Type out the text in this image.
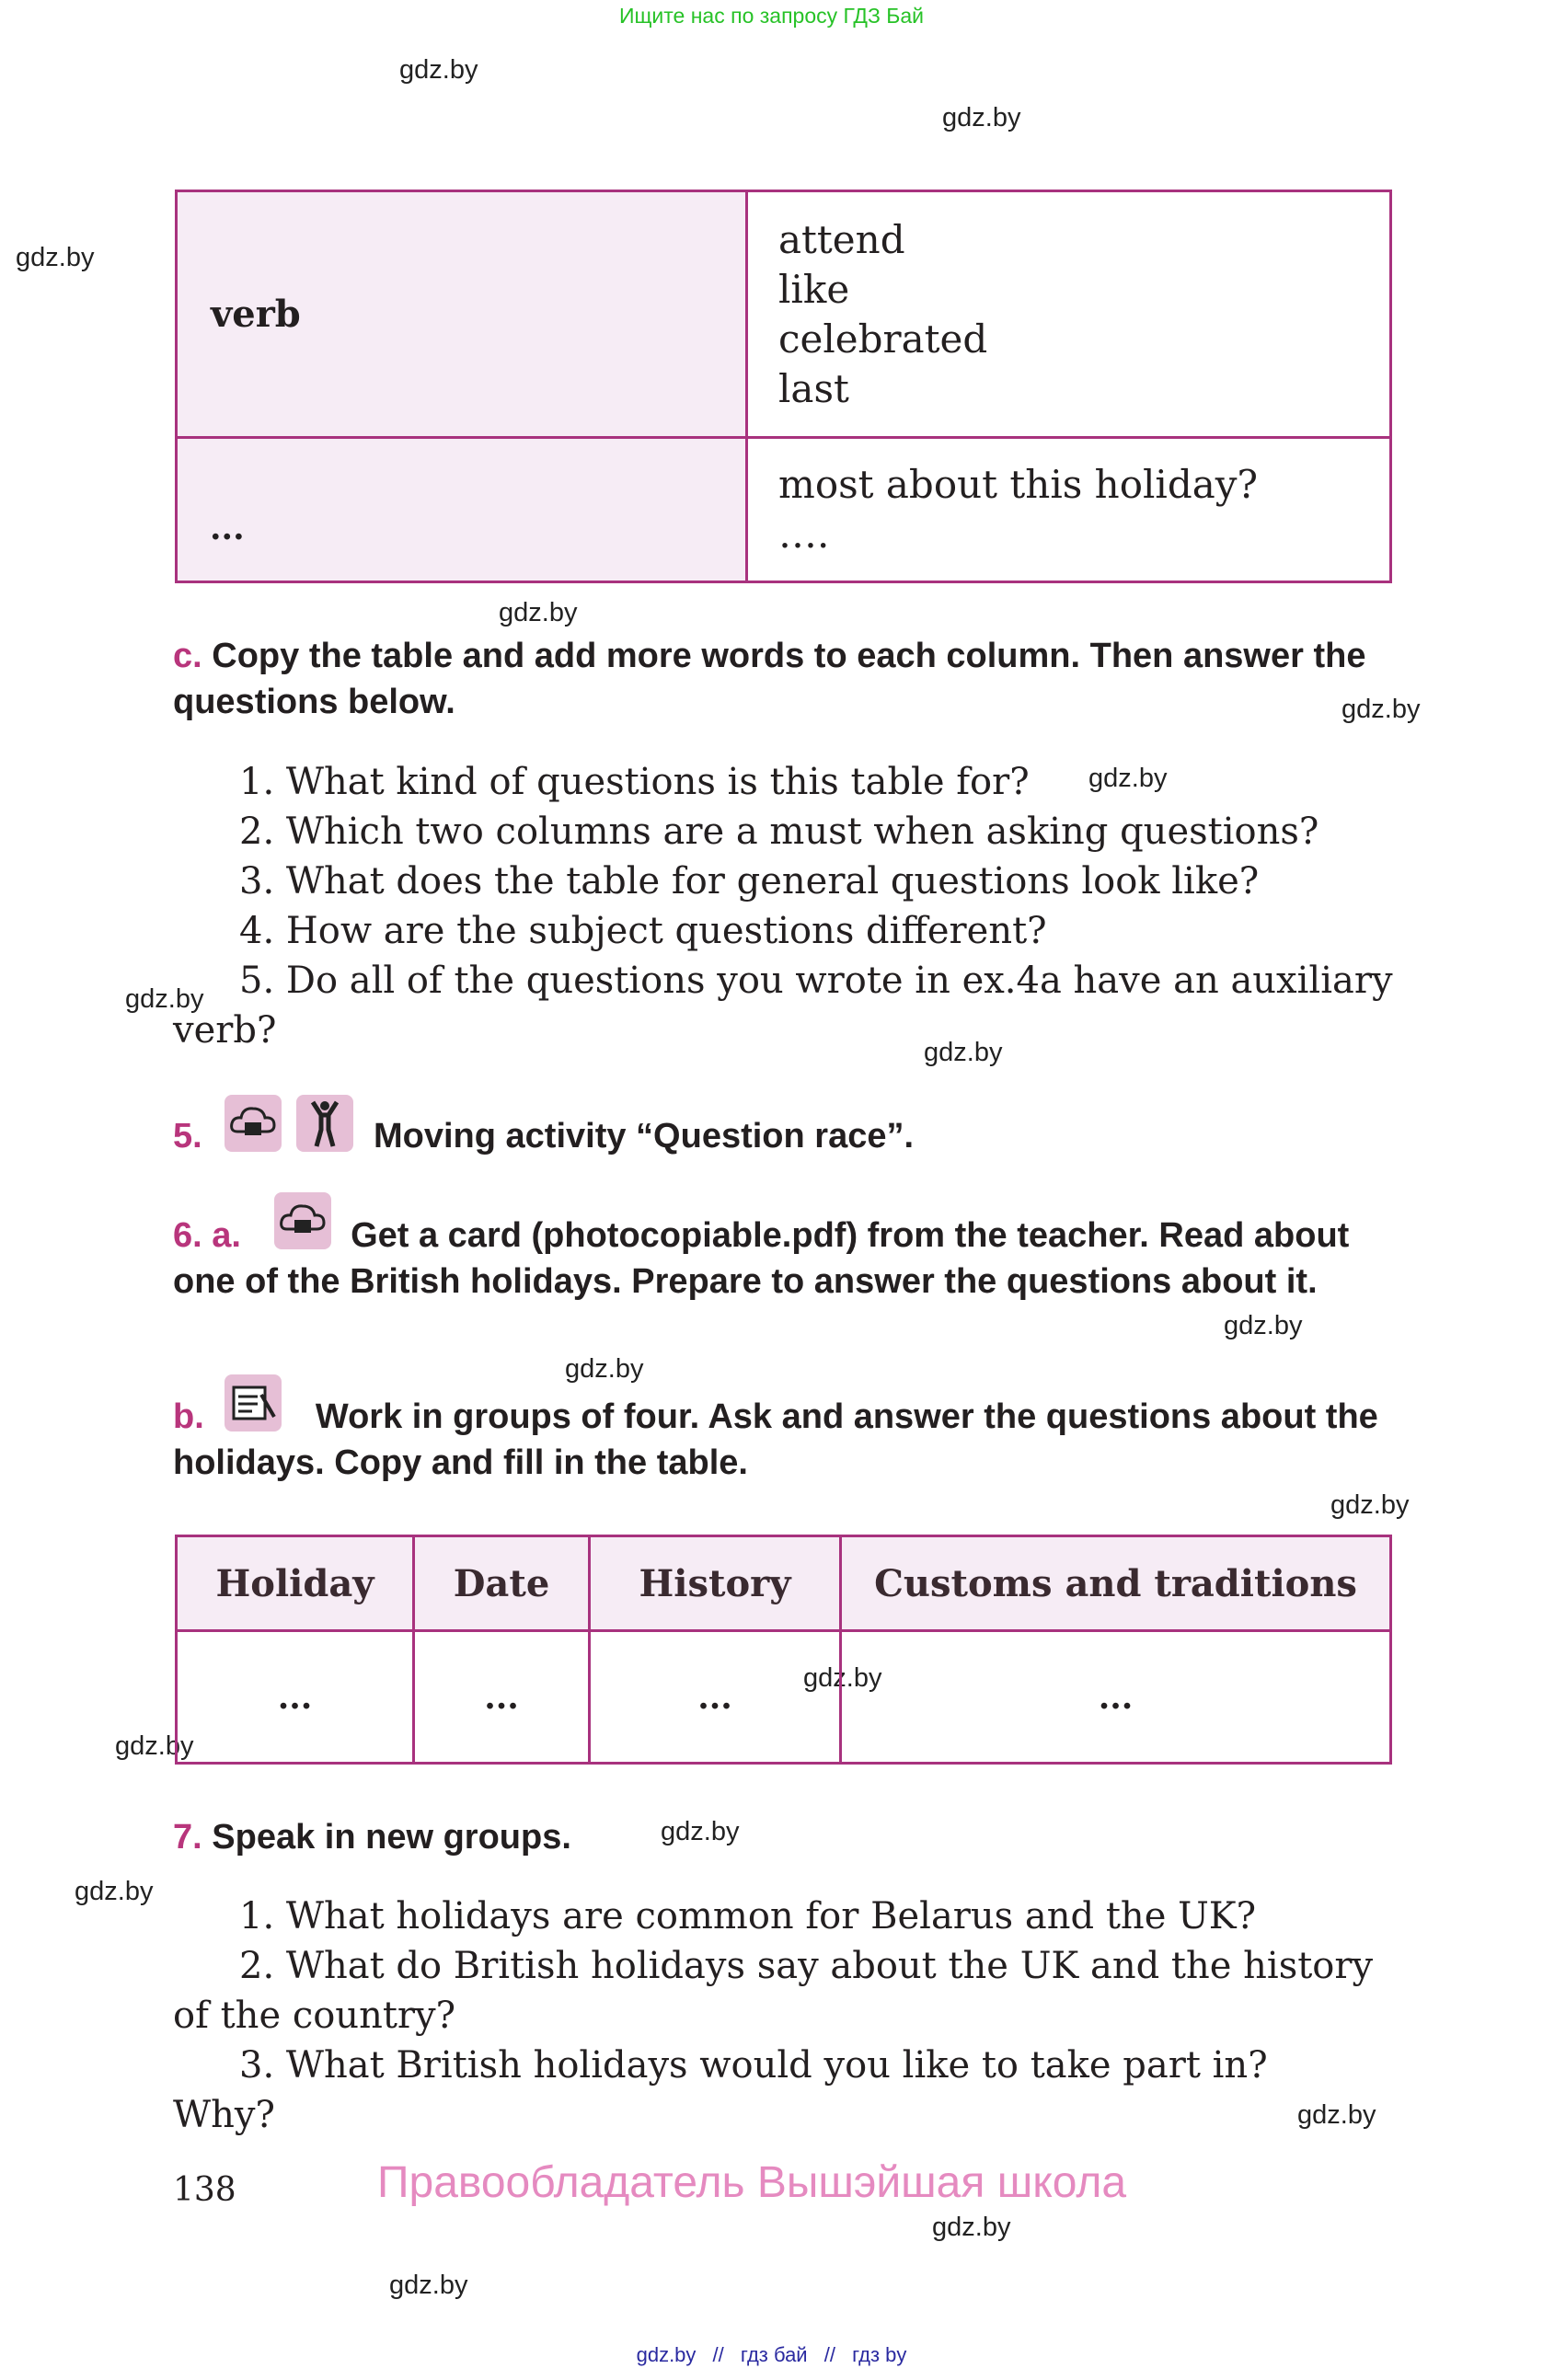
Ищите нас по запросу ГДЗ Бай
gdz.by
gdz.by
gdz.by
gdz.by
gdz.by
gdz.by
gdz.by
gdz.by
gdz.by
gdz.by
gdz.by
gdz.by
gdz.by
gdz.by
gdz.by
gdz.by
gdz.by
gdz.by
verb	attend
like
celebrated
last

...	most about this holiday?
….
c. Copy the table and add more words to each column. Then answer the questions below.
1. What kind of questions is this table for?
2. Which two columns are a must when asking questions?
3. What does the table for general questions look like?
4. How are the subject questions different?
5. Do all of the questions you wrote in ex.4a have an auxiliary
verb?
5.	Moving activity “Question race”.
6. a.	Get a card (photocopiable.pdf) from the teacher. Read about one of the British holidays. Prepare to answer the questions about it.
b.	Work in groups of four. Ask and answer the questions about the holidays. Copy and fill in the table.
Holiday	Date	History	Customs and traditions
...	...	...	...
7. Speak in new groups.
1. What holidays are common for Belarus and the UK?
2. What do British holidays say about the UK and the history
of the country?
3. What British holidays would you like to take part in?
Why?
138	Правообладатель Вышэйшая школа
gdz.by // гдз бай // гдз by
